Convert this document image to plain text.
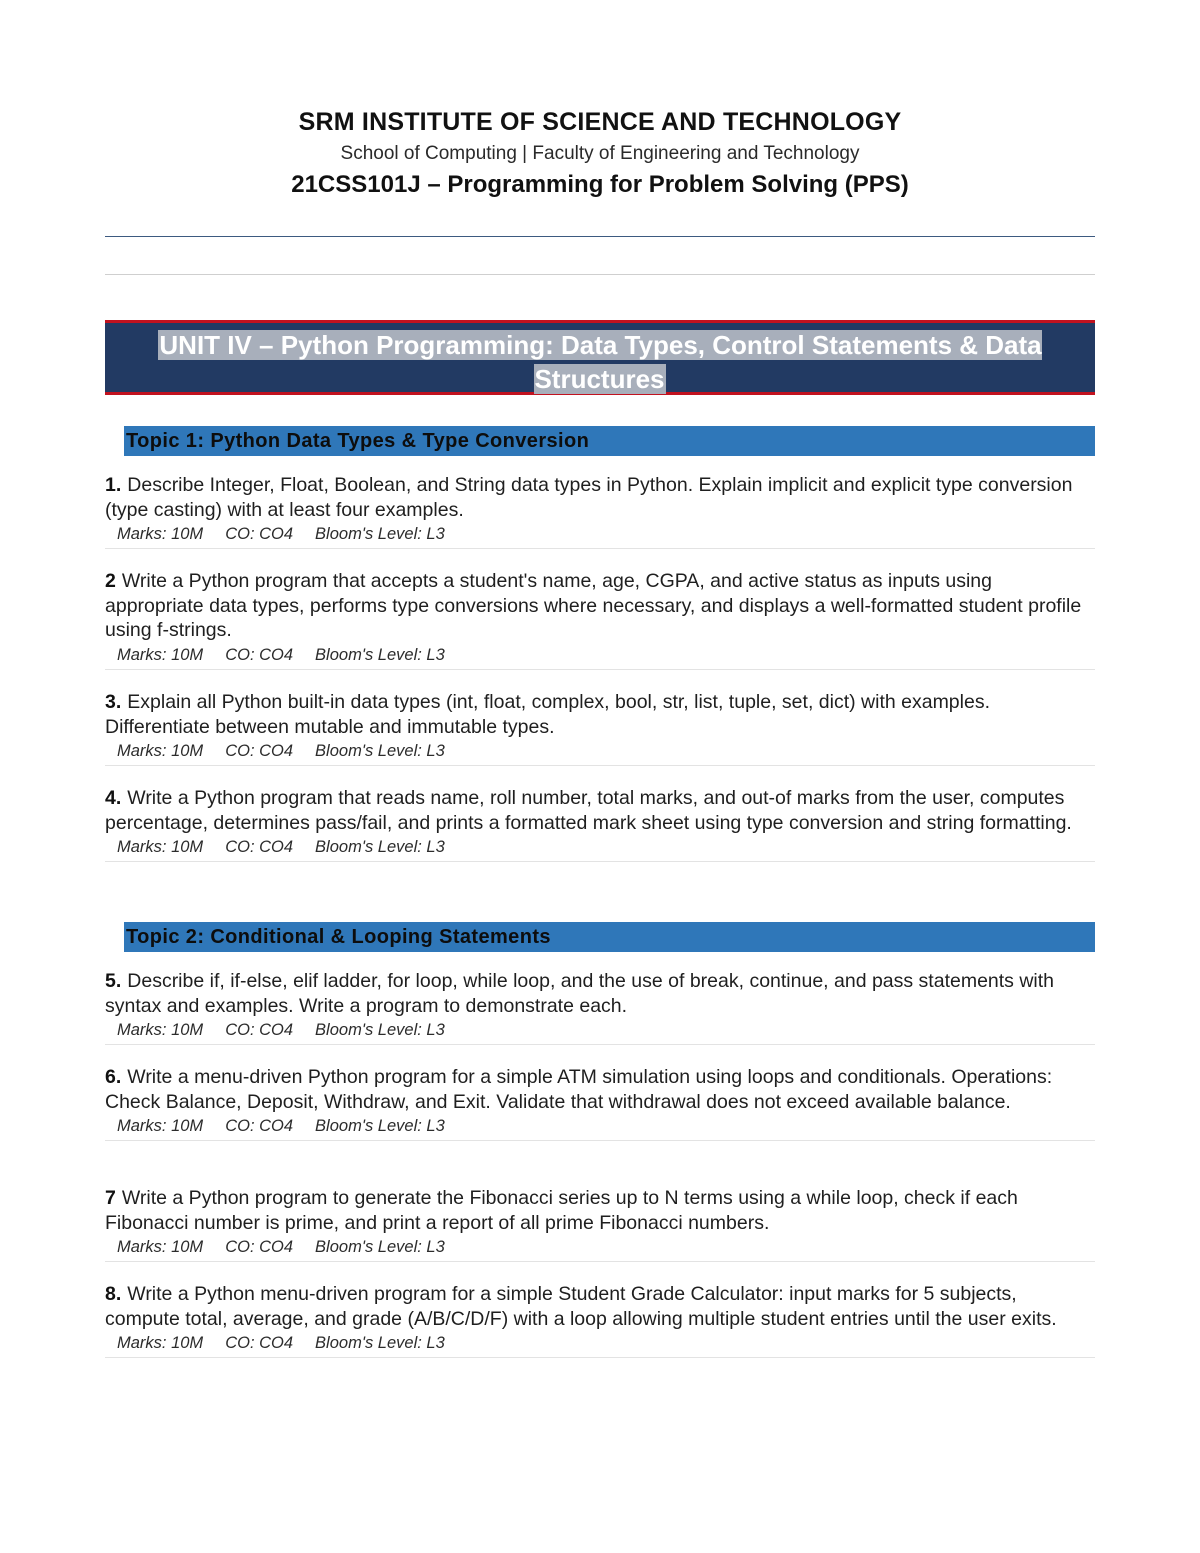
SRM INSTITUTE OF SCIENCE AND TECHNOLOGY
School of Computing | Faculty of Engineering and Technology
21CSS101J – Programming for Problem Solving (PPS)
UNIT IV – Python Programming: Data Types, Control Statements & Data Structures
Topic 1: Python Data Types & Type Conversion
1. Describe Integer, Float, Boolean, and String data types in Python. Explain implicit and explicit type conversion (type casting) with at least four examples.
Marks: 10M CO: CO4 Bloom's Level: L3
2 Write a Python program that accepts a student's name, age, CGPA, and active status as inputs using appropriate data types, performs type conversions where necessary, and displays a well-formatted student profile using f-strings.
Marks: 10M CO: CO4 Bloom's Level: L3
3. Explain all Python built-in data types (int, float, complex, bool, str, list, tuple, set, dict) with examples. Differentiate between mutable and immutable types.
Marks: 10M CO: CO4 Bloom's Level: L3
4. Write a Python program that reads name, roll number, total marks, and out-of marks from the user, computes percentage, determines pass/fail, and prints a formatted mark sheet using type conversion and string formatting.
Marks: 10M CO: CO4 Bloom's Level: L3
Topic 2: Conditional & Looping Statements
5. Describe if, if-else, elif ladder, for loop, while loop, and the use of break, continue, and pass statements with syntax and examples. Write a program to demonstrate each.
Marks: 10M CO: CO4 Bloom's Level: L3
6. Write a menu-driven Python program for a simple ATM simulation using loops and conditionals. Operations: Check Balance, Deposit, Withdraw, and Exit. Validate that withdrawal does not exceed available balance.
Marks: 10M CO: CO4 Bloom's Level: L3
7 Write a Python program to generate the Fibonacci series up to N terms using a while loop, check if each Fibonacci number is prime, and print a report of all prime Fibonacci numbers.
Marks: 10M CO: CO4 Bloom's Level: L3
8. Write a Python menu-driven program for a simple Student Grade Calculator: input marks for 5 subjects, compute total, average, and grade (A/B/C/D/F) with a loop allowing multiple student entries until the user exits.
Marks: 10M CO: CO4 Bloom's Level: L3
